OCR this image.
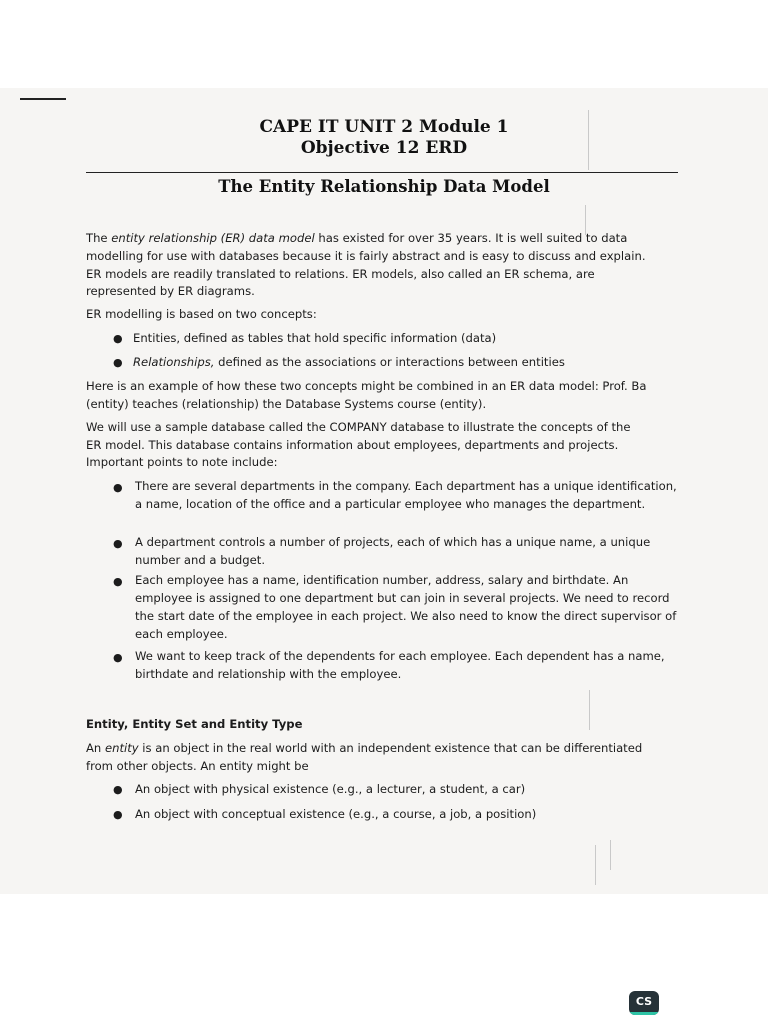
CAPE IT UNIT 2 Module 1
Objective 12 ERD
The Entity Relationship Data Model
The entity relationship (ER) data model has existed for over 35 years. It is well suited to data
modelling for use with databases because it is fairly abstract and is easy to discuss and explain.
ER models are readily translated to relations. ER models, also called an ER schema, are
represented by ER diagrams.
ER modelling is based on two concepts:
● Entities, defined as tables that hold specific information (data)
● Relationships, defined as the associations or interactions between entities
Here is an example of how these two concepts might be combined in an ER data model: Prof. Ba
(entity) teaches (relationship) the Database Systems course (entity).
We will use a sample database called the COMPANY database to illustrate the concepts of the
ER model. This database contains information about employees, departments and projects.
Important points to note include:
● There are several departments in the company. Each department has a unique identification, a name, location of the office and a particular employee who manages the department.
● A department controls a number of projects, each of which has a unique name, a unique number and a budget.
● Each employee has a name, identification number, address, salary and birthdate. An employee is assigned to one department but can join in several projects. We need to record the start date of the employee in each project. We also need to know the direct supervisor of each employee.
● We want to keep track of the dependents for each employee. Each dependent has a name, birthdate and relationship with the employee.
Entity, Entity Set and Entity Type
An entity is an object in the real world with an independent existence that can be differentiated
from other objects. An entity might be
● An object with physical existence (e.g., a lecturer, a student, a car)
● An object with conceptual existence (e.g., a course, a job, a position)
CS
